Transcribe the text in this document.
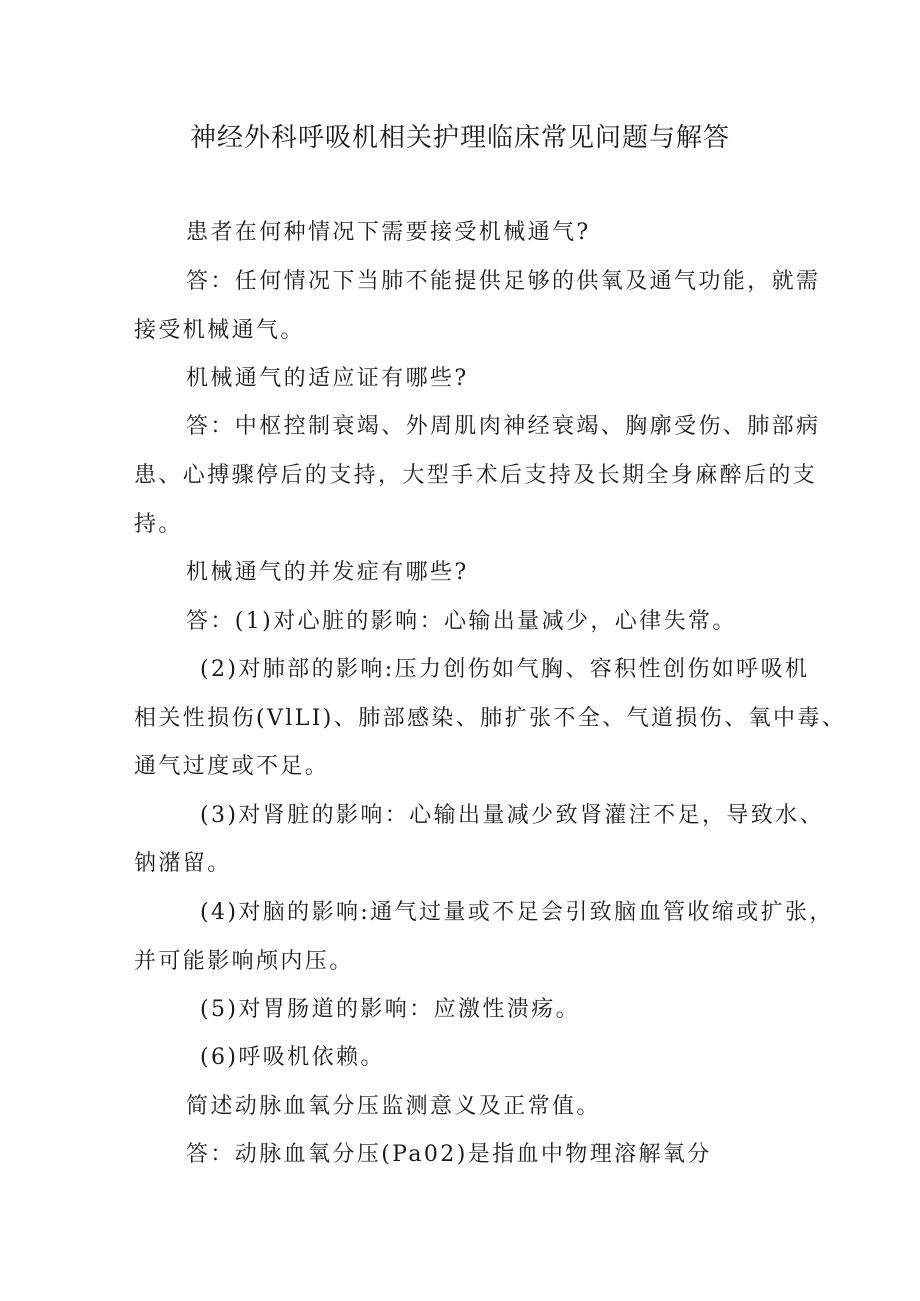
神经外科呼吸机相关护理临床常见问题与解答
患者在何种情况下需要接受机械通气?
答：任何情况下当肺不能提供足够的供氧及通气功能，就需
接受机械通气。
机械通气的适应证有哪些?
答：中枢控制衰竭、外周肌肉神经衰竭、胸廓受伤、肺部病
患、心搏骤停后的支持，大型手术后支持及长期全身麻醉后的支
持。
机械通气的并发症有哪些?
答：(1)对心脏的影响：心输出量减少，心律失常。
(2)对肺部的影响:压力创伤如气胸、容积性创伤如呼吸机
相关性损伤(VlLI)、肺部感染、肺扩张不全、气道损伤、氧中毒、
通气过度或不足。
(3)对肾脏的影响：心输出量减少致肾灌注不足，导致水、
钠潴留。
(4)对脑的影响:通气过量或不足会引致脑血管收缩或扩张，
并可能影响颅内压。
(5)对胃肠道的影响：应激性溃疡。
(6)呼吸机依赖。
简述动脉血氧分压监测意义及正常值。
答：动脉血氧分压(Pa02)是指血中物理溶解氧分
